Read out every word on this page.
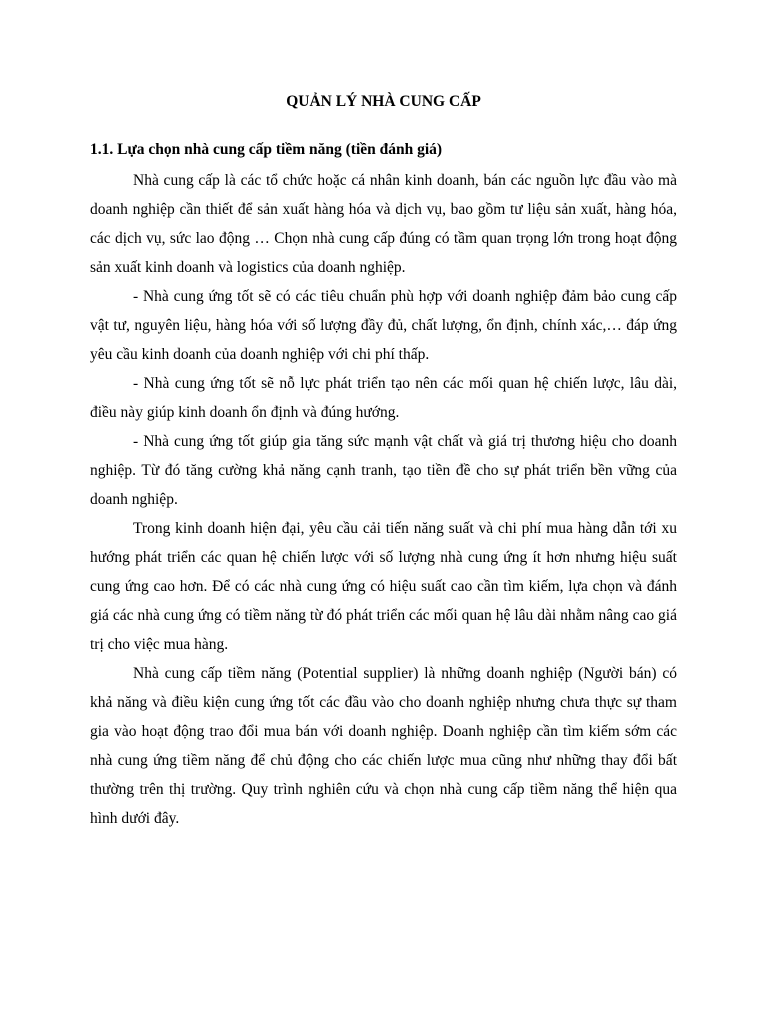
QUẢN LÝ NHÀ CUNG CẤP
1.1. Lựa chọn nhà cung cấp tiềm năng (tiền đánh giá)

Nhà cung cấp là các tổ chức hoặc cá nhân kinh doanh, bán các nguồn lực đầu vào mà doanh nghiệp cần thiết để sản xuất hàng hóa và dịch vụ, bao gồm tư liệu sản xuất, hàng hóa, các dịch vụ, sức lao động … Chọn nhà cung cấp đúng có tầm quan trọng lớn trong hoạt động sản xuất kinh doanh và logistics của doanh nghiệp.

- Nhà cung ứng tốt sẽ có các tiêu chuẩn phù hợp với doanh nghiệp đảm bảo cung cấp vật tư, nguyên liệu, hàng hóa với số lượng đầy đủ, chất lượng, ổn định, chính xác,… đáp ứng yêu cầu kinh doanh của doanh nghiệp với chi phí thấp.

- Nhà cung ứng tốt sẽ nỗ lực phát triển tạo nên các mối quan hệ chiến lược, lâu dài, điều này giúp kinh doanh ổn định và đúng hướng.

- Nhà cung ứng tốt giúp gia tăng sức mạnh vật chất và giá trị thương hiệu cho doanh nghiệp. Từ đó tăng cường khả năng cạnh tranh, tạo tiền đề cho sự phát triển bền vững của doanh nghiệp.

Trong kinh doanh hiện đại, yêu cầu cải tiến năng suất và chi phí mua hàng dẫn tới xu hướng phát triển các quan hệ chiến lược với số lượng nhà cung ứng ít hơn nhưng hiệu suất cung ứng cao hơn. Để có các nhà cung ứng có hiệu suất cao cần tìm kiếm, lựa chọn và đánh giá các nhà cung ứng có tiềm năng từ đó phát triển các mối quan hệ lâu dài nhằm nâng cao giá trị cho việc mua hàng.

Nhà cung cấp tiềm năng (Potential supplier) là những doanh nghiệp (Người bán) có khả năng và điều kiện cung ứng tốt các đầu vào cho doanh nghiệp nhưng chưa thực sự tham gia vào hoạt động trao đổi mua bán với doanh nghiệp. Doanh nghiệp cần tìm kiếm sớm các nhà cung ứng tiềm năng để chủ động cho các chiến lược mua cũng như những thay đổi bất thường trên thị trường. Quy trình nghiên cứu và chọn nhà cung cấp tiềm năng thể hiện qua hình dưới đây.
